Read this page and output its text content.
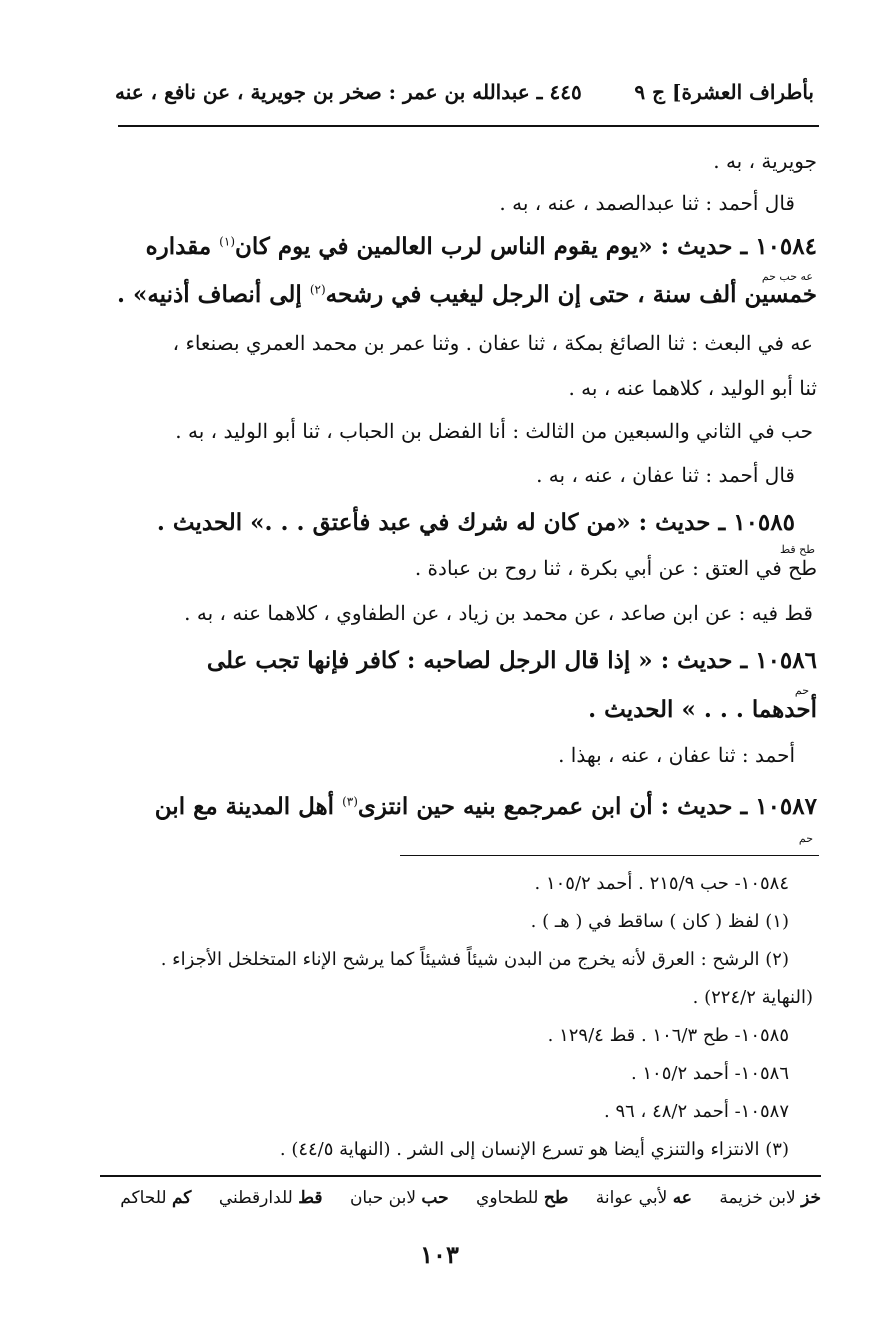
بأطراف العشرة] ج ٩
٤٤٥ ـ عبدالله بن عمر : صخر بن جويرية ، عن نافع ، عنه

جويرية ، به .

قال أحمد : ثنا عبدالصمد ، عنه ، به .

١٠٥٨٤ ـ حديث : «يوم يقوم الناس لرب العالمين في يوم كان$^{(١)}$ مقداره

عه حب حم

خمسين ألف سنة ، حتى إن الرجل ليغيب في رشحه$^{(٢)}$ إلى أنصاف أذنيه» .

عه في البعث : ثنا الصائغ بمكة ، ثنا عفان . وثنا عمر بن محمد العمري بصنعاء ،

ثنا أبو الوليد ، كلاهما عنه ، به .

حب في الثاني والسبعين من الثالث : أنا الفضل بن الحباب ، ثنا أبو الوليد ، به .

قال أحمد : ثنا عفان ، عنه ، به .

١٠٥٨٥ ـ حديث : «من كان له شرك في عبد فأعتق . . .» الحديث .

طح قط

طح في العتق : عن أبي بكرة ، ثنا روح بن عبادة .

قط فيه : عن ابن صاعد ، عن محمد بن زياد ، عن الطفاوي ، كلاهما عنه ، به .

١٠٥٨٦ ـ حديث : « إذا قال الرجل لصاحبه : كافر فإنها تجب على

حم

أحدهما . . . » الحديث .

أحمد : ثنا عفان ، عنه ، بهذا .

١٠٥٨٧ ـ حديث : أن ابن عمرجمع بنيه حين انتزى$^{(٣)}$ أهل المدينة مع ابن

حم

١٠٥٨٤- حب ٢١٥/٩ . أحمد ١٠٥/٢ .

(١) لفظ ( كان ) ساقط في ( هـ ) .

(٢) الرشح : العرق لأنه يخرج من البدن شيئاً فشيئاً كما يرشح الإناء المتخلخل الأجزاء .

(النهاية ٢٢٤/٢) .

١٠٥٨٥- طح ١٠٦/٣ . قط ١٢٩/٤ .

١٠٥٨٦- أحمد ١٠٥/٢ .

١٠٥٨٧- أحمد ٤٨/٢ ، ٩٦ .

(٣) الانتزاء والتنزي أيضا هو تسرع الإنسان إلى الشر . (النهاية ٤٤/٥) .

خز لابن خزيمة عه لأبي عوانة طح للطحاوي حب لابن حبان قط للدارقطني كم للحاكم
١٠٣
